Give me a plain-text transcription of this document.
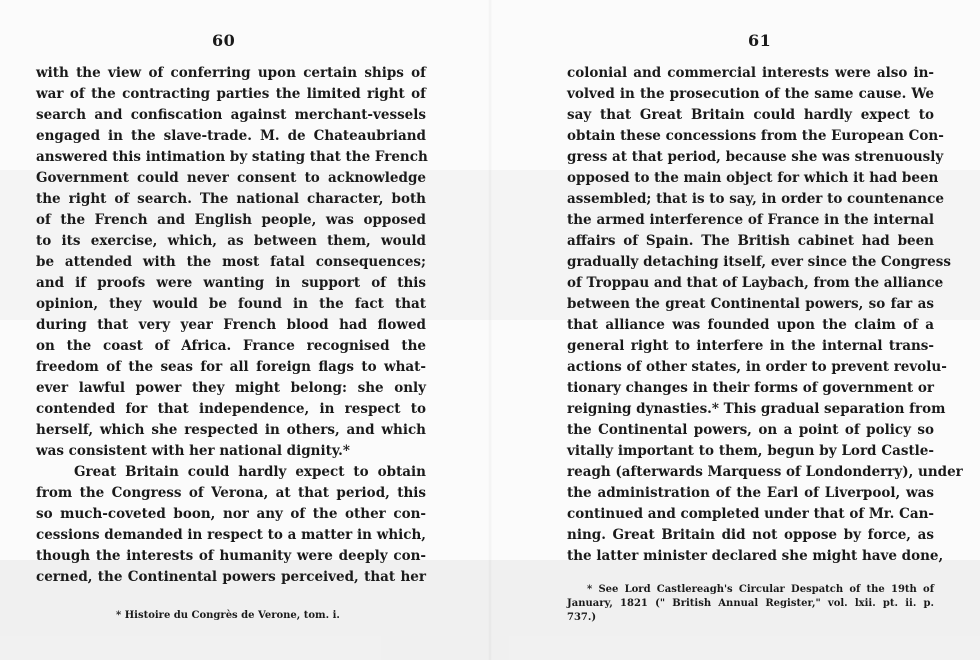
60
with the view of conferring upon certain ships of
war of the contracting parties the limited right of
search and confiscation against merchant-vessels
engaged in the slave-trade. M. de Chateaubriand
answered this intimation by stating that the French
Government could never consent to acknowledge
the right of search. The national character, both
of the French and English people, was opposed
to its exercise, which, as between them, would
be attended with the most fatal consequences;
and if proofs were wanting in support of this
opinion, they would be found in the fact that
during that very year French blood had flowed
on the coast of Africa. France recognised the
freedom of the seas for all foreign flags to what-
ever lawful power they might belong: she only
contended for that independence, in respect to
herself, which she respected in others, and which
was consistent with her national dignity.*
Great Britain could hardly expect to obtain
from the Congress of Verona, at that period, this
so much-coveted boon, nor any of the other con-
cessions demanded in respect to a matter in which,
though the interests of humanity were deeply con-
cerned, the Continental powers perceived, that her
* Histoire du Congrès de Verone, tom. i.
61
colonial and commercial interests were also in-
volved in the prosecution of the same cause. We
say that Great Britain could hardly expect to
obtain these concessions from the European Con-
gress at that period, because she was strenuously
opposed to the main object for which it had been
assembled; that is to say, in order to countenance
the armed interference of France in the internal
affairs of Spain. The British cabinet had been
gradually detaching itself, ever since the Congress
of Troppau and that of Laybach, from the alliance
between the great Continental powers, so far as
that alliance was founded upon the claim of a
general right to interfere in the internal trans-
actions of other states, in order to prevent revolu-
tionary changes in their forms of government or
reigning dynasties.* This gradual separation from
the Continental powers, on a point of policy so
vitally important to them, begun by Lord Castle-
reagh (afterwards Marquess of Londonderry), under
the administration of the Earl of Liverpool, was
continued and completed under that of Mr. Can-
ning. Great Britain did not oppose by force, as
the latter minister declared she might have done,
* See Lord Castlereagh's Circular Despatch of the 19th of
January, 1821 (" British Annual Register," vol. lxii. pt. ii. p.
737.)
